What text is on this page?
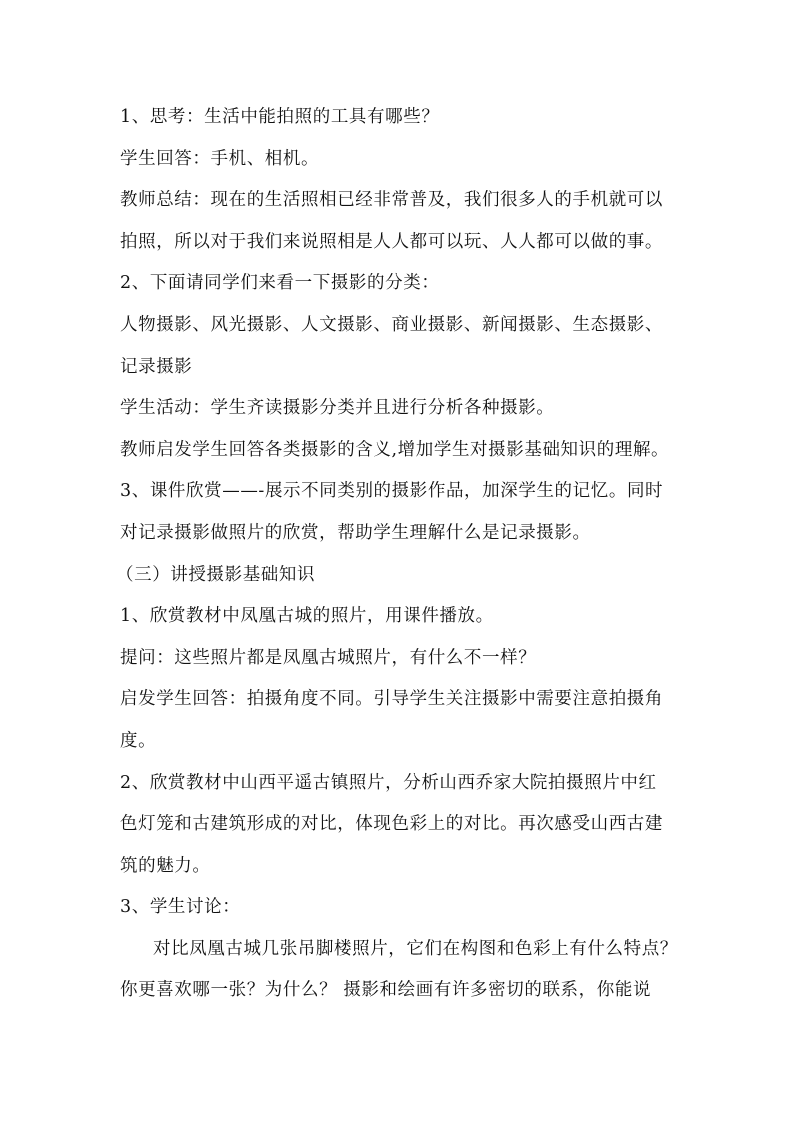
1、思考：生活中能拍照的工具有哪些？
学生回答：手机、相机。
教师总结：现在的生活照相已经非常普及，我们很多人的手机就可以
拍照，所以对于我们来说照相是人人都可以玩、人人都可以做的事。
2、下面请同学们来看一下摄影的分类：
人物摄影、风光摄影、人文摄影、商业摄影、新闻摄影、生态摄影、
记录摄影
学生活动：学生齐读摄影分类并且进行分析各种摄影。
教师启发学生回答各类摄影的含义,增加学生对摄影基础知识的理解。
3、课件欣赏——-展示不同类别的摄影作品，加深学生的记忆。同时
对记录摄影做照片的欣赏，帮助学生理解什么是记录摄影。
（三）讲授摄影基础知识
1、欣赏教材中凤凰古城的照片，用课件播放。
提问：这些照片都是凤凰古城照片，有什么不一样？
启发学生回答：拍摄角度不同。引导学生关注摄影中需要注意拍摄角
度。
2、欣赏教材中山西平遥古镇照片，分析山西乔家大院拍摄照片中红
色灯笼和古建筑形成的对比，体现色彩上的对比。再次感受山西古建
筑的魅力。
3、学生讨论：
对比凤凰古城几张吊脚楼照片，它们在构图和色彩上有什么特点？
你更喜欢哪一张？为什么？ 摄影和绘画有许多密切的联系，你能说
